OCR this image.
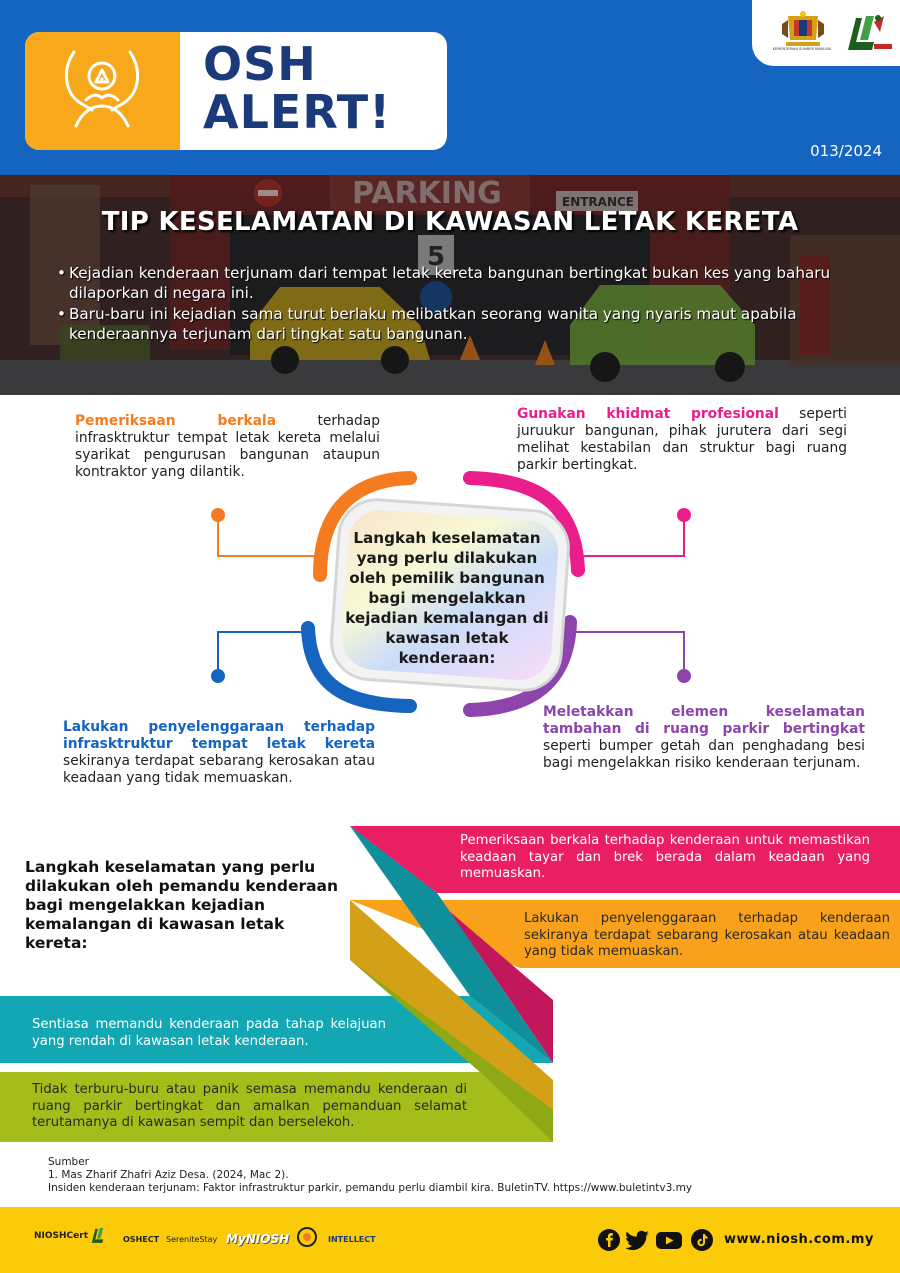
OSH
ALERT!
KEMENTERIAN SUMBER MANUSIA
013/2024
PARKING	ENTRANCE
5
TIP KESELAMATAN DI KAWASAN LETAK KERETA
• Kejadian kenderaan terjunam dari tempat letak kereta bangunan bertingkat bukan kes yang baharu dilaporkan di negara ini.
• Baru-baru ini kejadian sama turut berlaku melibatkan seorang wanita yang nyaris maut apabila kenderaannya terjunam dari tingkat satu bangunan.
Langkah keselamatan yang perlu dilakukan oleh pemilik bangunan bagi mengelakkan kejadian kemalangan di kawasan letak kenderaan:
Pemeriksaan berkala terhadap infrasktruktur tempat letak kereta melalui syarikat pengurusan bangunan ataupun kontraktor yang dilantik.
Gunakan khidmat profesional seperti juruukur bangunan, pihak jurutera dari segi melihat kestabilan dan struktur bagi ruang parkir bertingkat.
Lakukan penyelenggaraan terhadap infrasktruktur tempat letak kereta sekiranya terdapat sebarang kerosakan atau keadaan yang tidak memuaskan.
Meletakkan elemen keselamatan tambahan di ruang parkir bertingkat seperti bumper getah dan penghadang besi bagi mengelakkan risiko kenderaan terjunam.
Langkah keselamatan yang perlu dilakukan oleh pemandu kenderaan bagi mengelakkan kejadian kemalangan di kawasan letak kereta:
Pemeriksaan berkala terhadap kenderaan untuk memastikan keadaan tayar dan brek berada dalam keadaan yang memuaskan.
Lakukan penyelenggaraan terhadap kenderaan sekiranya terdapat sebarang kerosakan atau keadaan yang tidak memuaskan.
Sentiasa memandu kenderaan pada tahap kelajuan yang rendah di kawasan letak kenderaan.
Tidak terburu-buru atau panik semasa memandu kenderaan di ruang parkir bertingkat dan amalkan pemanduan selamat terutamanya di kawasan sempit dan berselekoh.
Sumber
1. Mas Zharif Zhafri Aziz Desa. (2024, Mac 2).
Insiden kenderaan terjunam: Faktor infrastruktur parkir, pemandu perlu diambil kira. BuletinTV. https://www.buletintv3.my
NIOSHCert	OSHECT SereniteStay MyNIOSH	INTELLECT	www.niosh.com.my
